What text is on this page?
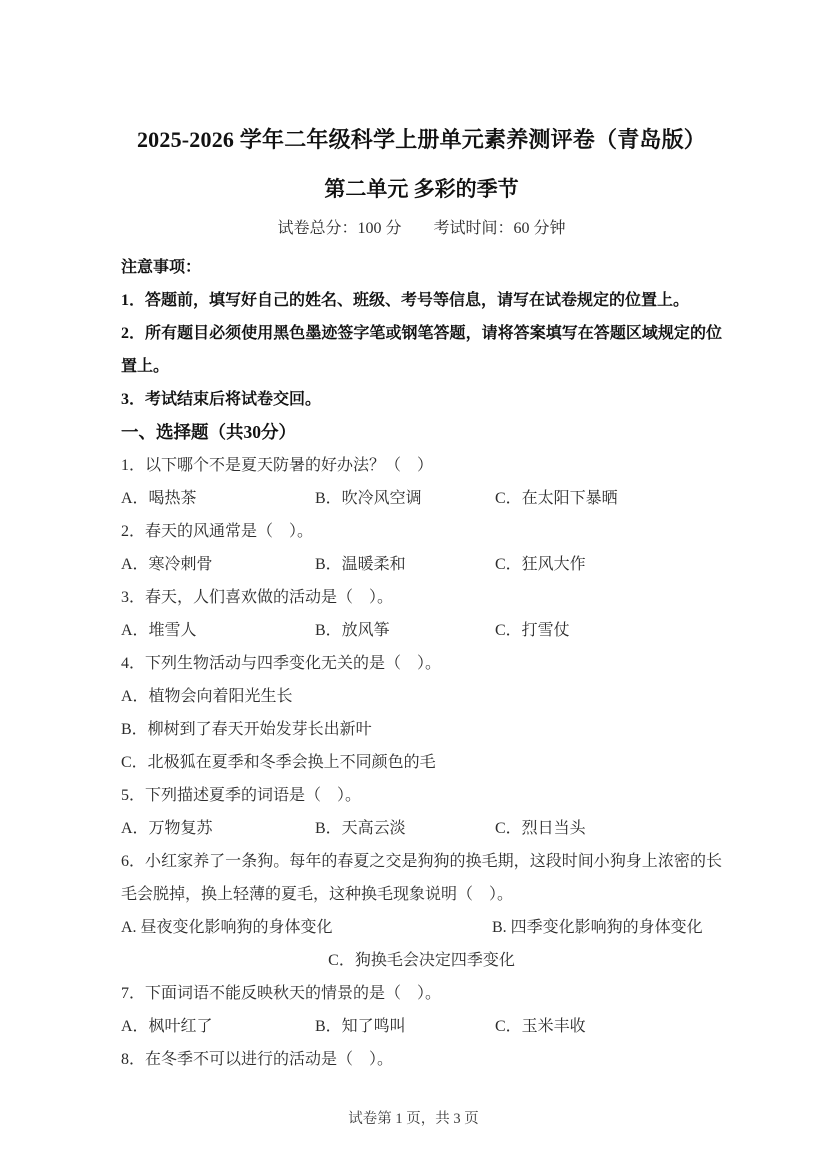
2025-2026 学年二年级科学上册单元素养测评卷（青岛版）
第二单元 多彩的季节
试卷总分：100 分 考试时间：60 分钟
注意事项：
1．答题前，填写好自己的姓名、班级、考号等信息，请写在试卷规定的位置上。
2．所有题目必须使用黑色墨迹签字笔或钢笔答题，请将答案填写在答题区域规定的位置上。
3．考试结束后将试卷交回。
一、选择题（共30分）
1．以下哪个不是夏天防暑的好办法？（　）
A．喝热茶	B．吹冷风空调	C．在太阳下暴晒
2．春天的风通常是（　）。
A．寒冷刺骨	B．温暖柔和	C．狂风大作
3．春天，人们喜欢做的活动是（　）。
A．堆雪人	B．放风筝	C．打雪仗
4．下列生物活动与四季变化无关的是（　）。
A．植物会向着阳光生长
B．柳树到了春天开始发芽长出新叶
C．北极狐在夏季和冬季会换上不同颜色的毛
5．下列描述夏季的词语是（　）。
A．万物复苏	B．天高云淡	C．烈日当头
6．小红家养了一条狗。每年的春夏之交是狗狗的换毛期，这段时间小狗身上浓密的长毛会脱掉，换上轻薄的夏毛，这种换毛现象说明（　）。
A. 昼夜变化影响狗的身体变化	B. 四季变化影响狗的身体变化
C．狗换毛会决定四季变化
7．下面词语不能反映秋天的情景的是（　）。
A．枫叶红了	B．知了鸣叫	C．玉米丰收
8．在冬季不可以进行的活动是（　）。
试卷第 1 页，共 3 页
